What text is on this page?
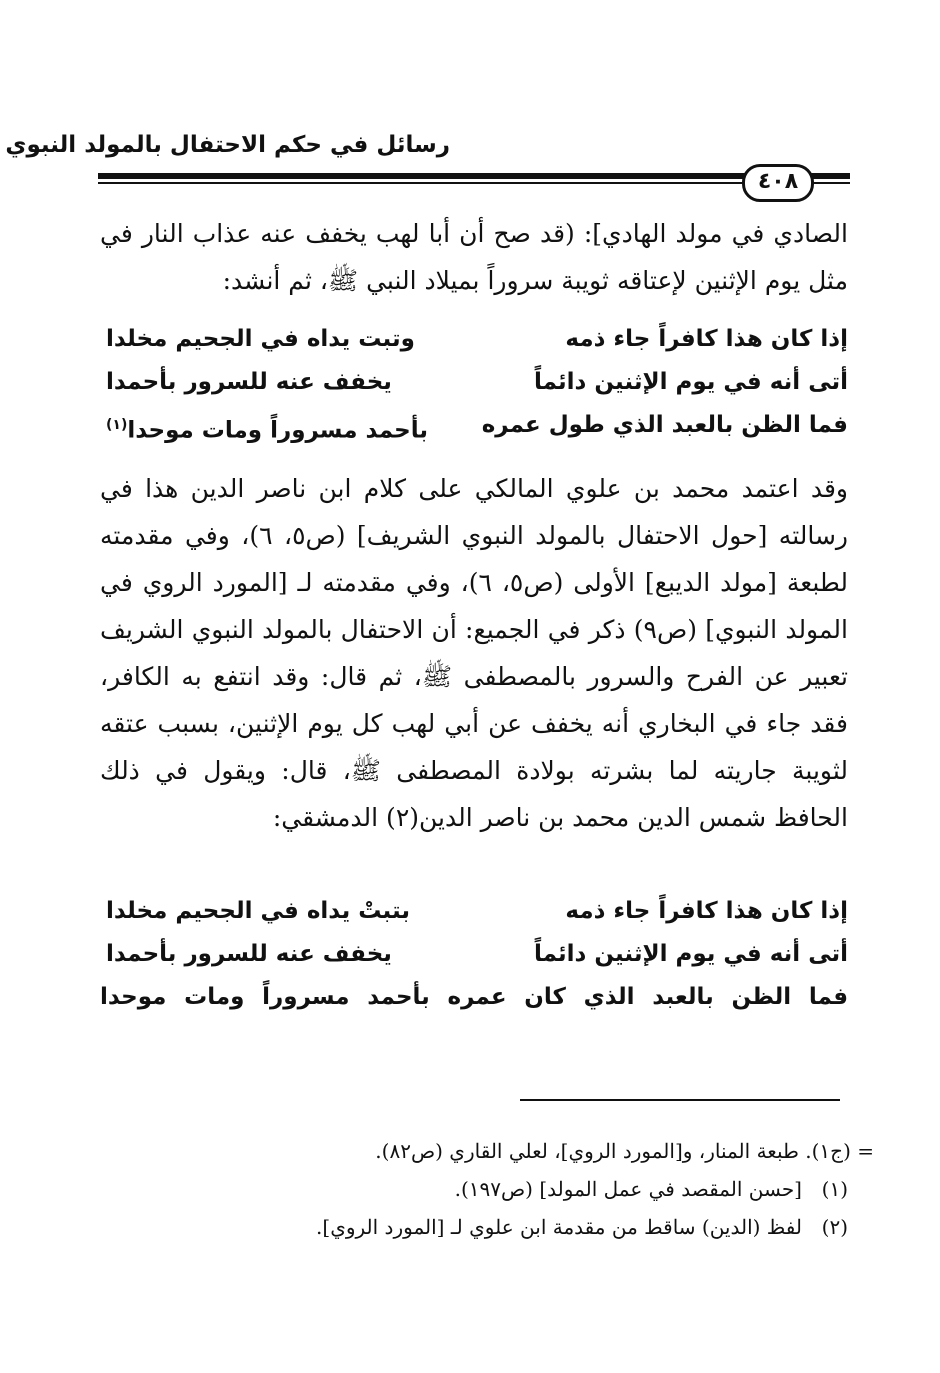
رسائل في حكم الاحتفال بالمولد النبوي
٤٠٨
الصادي في مولد الهادي]: (قد صح أن أبا لهب يخفف عنه عذاب النار في مثل يوم الإثنين لإعتاقه ثويبة سروراً بميلاد النبي ﷺ، ثم أنشد:
إذا كان هذا كافراً جاء ذمه
وتبت يداه في الجحيم مخلدا
أتى أنه في يوم الإثنين دائماً
يخفف عنه للسرور بأحمدا
فما الظن بالعبد الذي طول عمره
بأحمد مسروراً ومات موحدا$^{(١)}$
وقد اعتمد محمد بن علوي المالكي على كلام ابن ناصر الدين هذا في رسالته [حول الاحتفال بالمولد النبوي الشريف] (ص٥، ٦)، وفي مقدمته لطبعة [مولد الديبع] الأولى (ص٥، ٦)، وفي مقدمته لـ [المورد الروي في المولد النبوي] (ص٩) ذكر في الجميع: أن الاحتفال بالمولد النبوي الشريف تعبير عن الفرح والسرور بالمصطفى ﷺ، ثم قال: وقد انتفع به الكافر، فقد جاء في البخاري أنه يخفف عن أبي لهب كل يوم الإثنين، بسبب عتقه لثويبة جاريته لما بشرته بولادة المصطفى ﷺ، قال: ويقول في ذلك الحافظ شمس الدين محمد بن ناصر الدين(٢) الدمشقي:
إذا كان هذا كافراً جاء ذمه
بتبتْ يداه في الجحيم مخلدا
أتى أنه في يوم الإثنين دائماً
يخفف عنه للسرور بأحمدا
فما الظن بالعبد الذي كان عمره بأحمد مسروراً ومات موحدا
= (ج١). طبعة المنار، و[المورد الروي]، لعلي القاري (ص٨٢).
(١)
[حسن المقصد في عمل المولد] (ص١٩٧).
(٢)
لفظ (الدين) ساقط من مقدمة ابن علوي لـ [المورد الروي].
